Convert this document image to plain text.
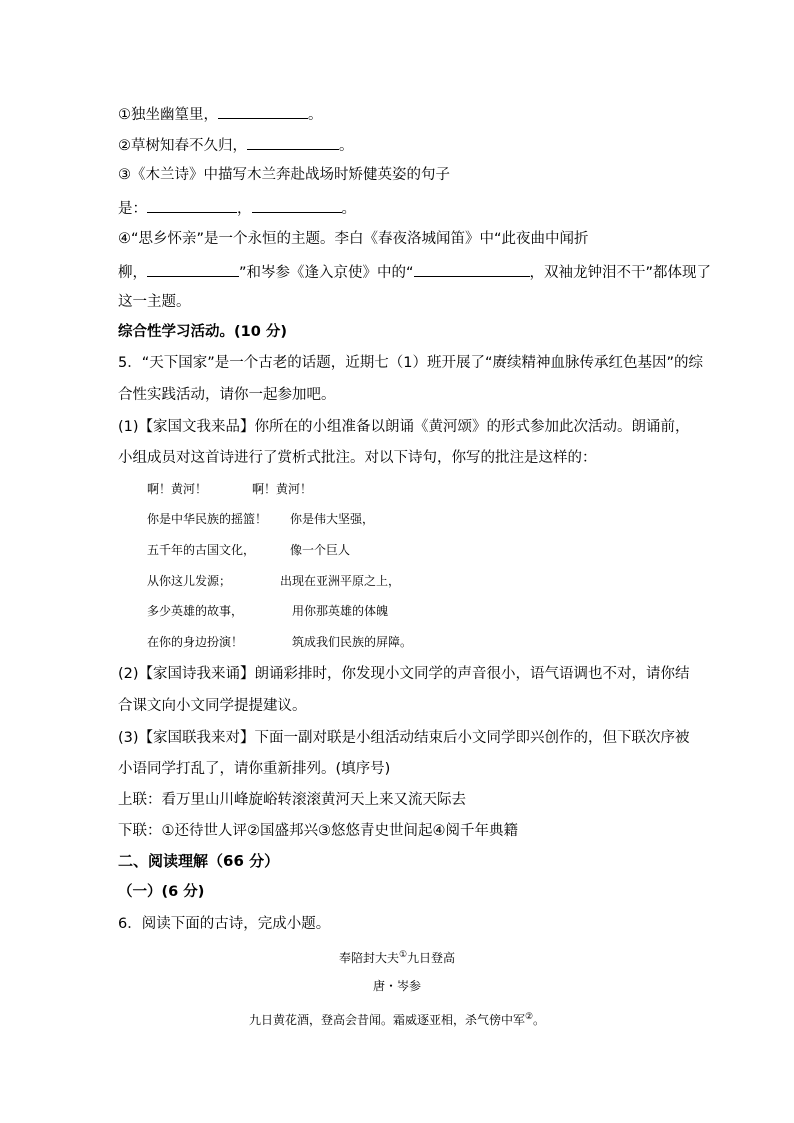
①独坐幽篁里，	。
②草树知春不久归，	。
③《木兰诗》中描写木兰奔赴战场时矫健英姿的句子
是：	，	。
④“思乡怀亲”是一个永恒的主题。李白《春夜洛城闻笛》中“此夜曲中闻折
柳，	”和岑参《逢入京使》中的“	，双袖龙钟泪不干”都体现了
这一主题。
综合性学习活动。(10 分)
5．“天下国家”是一个古老的话题，近期七（1）班开展了“赓续精神血脉传承红色基因”的综
合性实践活动，请你一起参加吧。
(1)【家国文我来品】你所在的小组准备以朗诵《黄河颂》的形式参加此次活动。朗诵前，
小组成员对这首诗进行了赏析式批注。对以下诗句，你写的批注是这样的：
啊！黄河！	啊！黄河！
你是中华民族的摇篮！ 你是伟大坚强，
五千年的古国文化，	像一个巨人
从你这儿发源；	出现在亚洲平原之上，
多少英雄的故事，	用你那英雄的体魄
在你的身边扮演！	筑成我们民族的屏障。
(2)【家国诗我来诵】朗诵彩排时，你发现小文同学的声音很小，语气语调也不对，请你结
合课文向小文同学提提建议。
(3)【家国联我来对】下面一副对联是小组活动结束后小文同学即兴创作的，但下联次序被
小语同学打乱了，请你重新排列。(填序号)
上联：看万里山川峰旋峪转滚滚黄河天上来又流天际去
下联：①还待世人评②国盛邦兴③悠悠青史世间起④阅千年典籍
二、阅读理解（66 分）
（一）(6 分)
6．阅读下面的古诗，完成小题。
奉陪封大夫①九日登高
唐・岑参
九日黄花酒，登高会昔闻。霜威逐亚相，杀气傍中军②。
